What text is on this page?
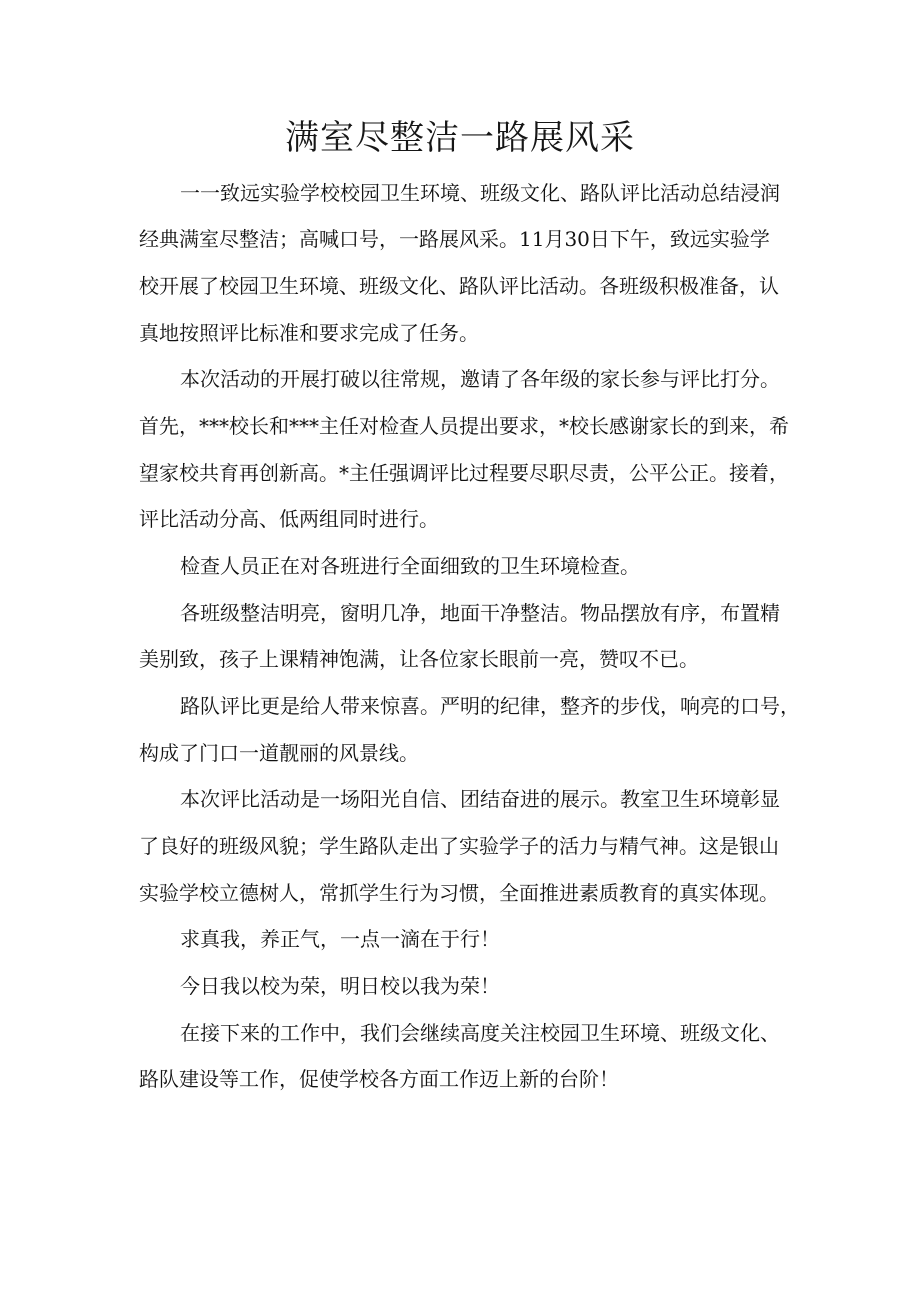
满室尽整洁一路展风采
一一致远实验学校校园卫生环境、班级文化、路队评比活动总结浸润
经典满室尽整洁；高喊口号，一路展风采。11月30日下午，致远实验学
校开展了校园卫生环境、班级文化、路队评比活动。各班级积极准备，认
真地按照评比标准和要求完成了任务。
本次活动的开展打破以往常规，邀请了各年级的家长参与评比打分。
首先，***校长和***主任对检查人员提出要求，*校长感谢家长的到来，希
望家校共育再创新高。*主任强调评比过程要尽职尽责，公平公正。接着，
评比活动分高、低两组同时进行。
检查人员正在对各班进行全面细致的卫生环境检查。
各班级整洁明亮，窗明几净，地面干净整洁。物品摆放有序，布置精
美别致，孩子上课精神饱满，让各位家长眼前一亮，赞叹不已。
路队评比更是给人带来惊喜。严明的纪律，整齐的步伐，响亮的口号，
构成了门口一道靓丽的风景线。
本次评比活动是一场阳光自信、团结奋进的展示。教室卫生环境彰显
了良好的班级风貌；学生路队走出了实验学子的活力与精气神。这是银山
实验学校立德树人，常抓学生行为习惯，全面推进素质教育的真实体现。
求真我，养正气，一点一滴在于行！
今日我以校为荣，明日校以我为荣！
在接下来的工作中，我们会继续高度关注校园卫生环境、班级文化、
路队建设等工作，促使学校各方面工作迈上新的台阶！
